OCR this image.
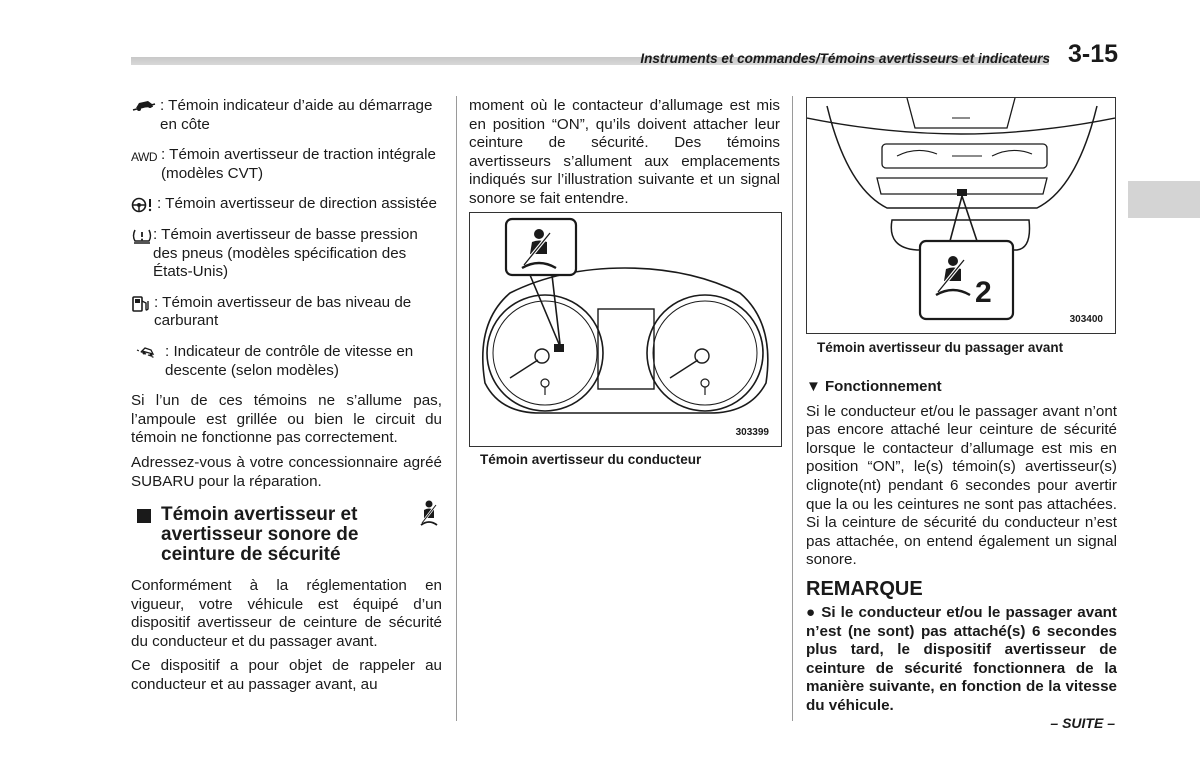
Instruments et commandes/Témoins avertisseurs et indicateurs 3-15
: Témoin indicateur d’aide au démarrage en côte
AWD : Témoin avertisseur de traction intégrale (modèles CVT)
: Témoin avertisseur de direction assistée
: Témoin avertisseur de basse pression des pneus (modèles spécification des États-Unis)
: Témoin avertisseur de bas niveau de carburant
: Indicateur de contrôle de vitesse en descente (selon modèles)

Si l’un de ces témoins ne s’allume pas, l’ampoule est grillée ou bien le circuit du témoin ne fonctionne pas correctement.

Adressez-vous à votre concessionnaire agréé SUBARU pour la réparation.

Témoin avertisseur et avertisseur sonore de ceinture de sécurité

Conformément à la réglementation en vigueur, votre véhicule est équipé d’un dispositif avertisseur de ceinture de sécurité du conducteur et du passager avant.

Ce dispositif a pour objet de rappeler au conducteur et au passager avant, au

moment où le contacteur d’allumage est mis en position “ON”, qu’ils doivent attacher leur ceinture de sécurité. Des témoins avertisseurs s’allument aux emplacements indiqués sur l’illustration suivante et un signal sonore se fait entendre.

303399
Témoin avertisseur du conducteur
2
303400
Témoin avertisseur du passager avant
▼ Fonctionnement

Si le conducteur et/ou le passager avant n’ont pas encore attaché leur ceinture de sécurité lorsque le contacteur d’allumage est mis en position “ON”, le(s) témoin(s) avertisseur(s) clignote(nt) pendant 6 secondes pour avertir que la ou les ceintures ne sont pas attachées. Si la ceinture de sécurité du conducteur n’est pas attachée, on entend également un signal sonore.

REMARQUE

● Si le conducteur et/ou le passager avant n’est (ne sont) pas attaché(s) 6 secondes plus tard, le dispositif avertisseur de ceinture de sécurité fonctionnera de la manière suivante, en fonction de la vitesse du véhicule.

– SUITE –
